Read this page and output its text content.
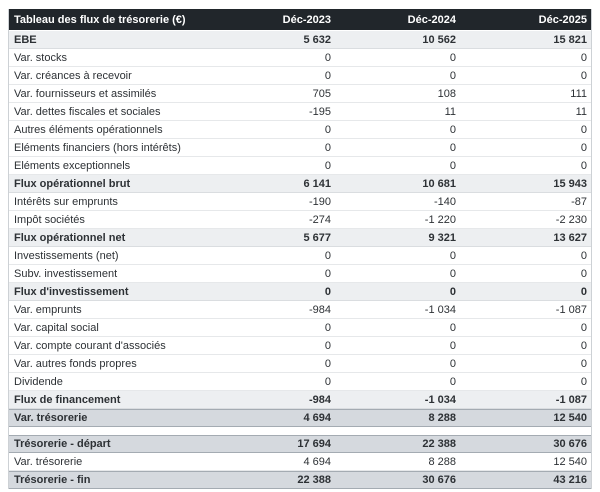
Tableau des flux de trésorerie (€)	Déc-2023	Déc-2024	Déc-2025
EBE	5 632	10 562	15 821
Var. stocks	0	0	0
Var. créances à recevoir	0	0	0
Var. fournisseurs et assimilés	705	108	111
Var. dettes fiscales et sociales	-195	11	11
Autres éléments opérationnels	0	0	0
Eléments financiers (hors intérêts)	0	0	0
Eléments exceptionnels	0	0	0
Flux opérationnel brut	6 141	10 681	15 943
Intérêts sur emprunts	-190	-140	-87
Impôt sociétés	-274	-1 220	-2 230
Flux opérationnel net	5 677	9 321	13 627
Investissements (net)	0	0	0
Subv. investissement	0	0	0
Flux d'investissement	0	0	0
Var. emprunts	-984	-1 034	-1 087
Var. capital social	0	0	0
Var. compte courant d'associés	0	0	0
Var. autres fonds propres	0	0	0
Dividende	0	0	0
Flux de financement	-984	-1 034	-1 087
Var. trésorerie	4 694	8 288	12 540
Trésorerie - départ	17 694	22 388	30 676
Var. trésorerie	4 694	8 288	12 540
Trésorerie - fin	22 388	30 676	43 216
